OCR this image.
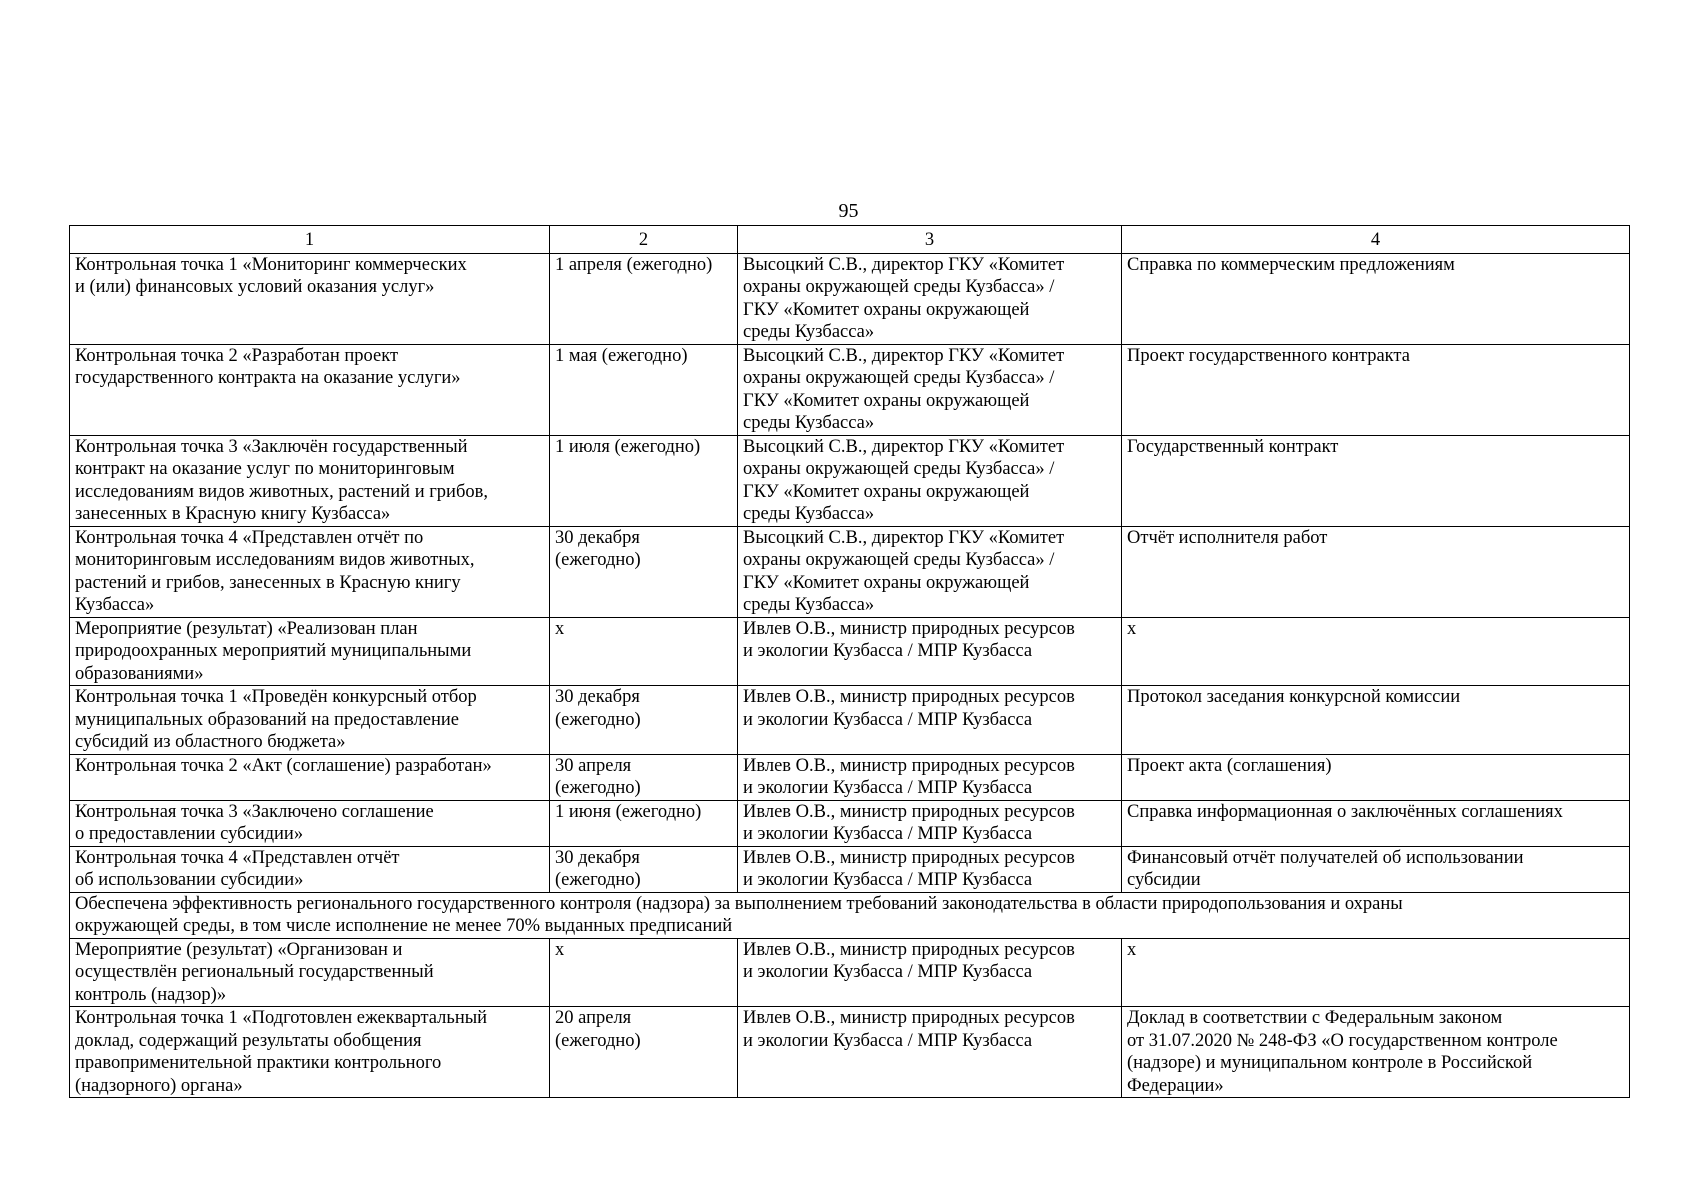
95
1	2	3	4
Контрольная точка 1 «Мониторинг коммерческих
и (или) финансовых условий оказания услуг»	1 апреля (ежегодно)	Высоцкий С.В., директор ГКУ «Комитет
охраны окружающей среды Кузбасса» /
ГКУ «Комитет охраны окружающей
среды Кузбасса»	Справка по коммерческим предложениям
Контрольная точка 2 «Разработан проект
государственного контракта на оказание услуги»	1 мая (ежегодно)	Высоцкий С.В., директор ГКУ «Комитет
охраны окружающей среды Кузбасса» /
ГКУ «Комитет охраны окружающей
среды Кузбасса»	Проект государственного контракта
Контрольная точка 3 «Заключён государственный
контракт на оказание услуг по мониторинговым
исследованиям видов животных, растений и грибов,
занесенных в Красную книгу Кузбасса»	1 июля (ежегодно)	Высоцкий С.В., директор ГКУ «Комитет
охраны окружающей среды Кузбасса» /
ГКУ «Комитет охраны окружающей
среды Кузбасса»	Государственный контракт
Контрольная точка 4 «Представлен отчёт по
мониторинговым исследованиям видов животных,
растений и грибов, занесенных в Красную книгу
Кузбасса»	30 декабря
(ежегодно)	Высоцкий С.В., директор ГКУ «Комитет
охраны окружающей среды Кузбасса» /
ГКУ «Комитет охраны окружающей
среды Кузбасса»	Отчёт исполнителя работ
Мероприятие (результат) «Реализован план
природоохранных мероприятий муниципальными
образованиями»	х	Ивлев О.В., министр природных ресурсов
и экологии Кузбасса / МПР Кузбасса	х
Контрольная точка 1 «Проведён конкурсный отбор
муниципальных образований на предоставление
субсидий из областного бюджета»	30 декабря
(ежегодно)	Ивлев О.В., министр природных ресурсов
и экологии Кузбасса / МПР Кузбасса	Протокол заседания конкурсной комиссии
Контрольная точка 2 «Акт (соглашение) разработан»	30 апреля
(ежегодно)	Ивлев О.В., министр природных ресурсов
и экологии Кузбасса / МПР Кузбасса	Проект акта (соглашения)
Контрольная точка 3 «Заключено соглашение
о предоставлении субсидии»	1 июня (ежегодно)	Ивлев О.В., министр природных ресурсов
и экологии Кузбасса / МПР Кузбасса	Справка информационная о заключённых соглашениях
Контрольная точка 4 «Представлен отчёт
об использовании субсидии»	30 декабря
(ежегодно)	Ивлев О.В., министр природных ресурсов
и экологии Кузбасса / МПР Кузбасса	Финансовый отчёт получателей об использовании
субсидии
Обеспечена эффективность регионального государственного контроля (надзора) за выполнением требований законодательства в области природопользования и охраны
окружающей среды, в том числе исполнение не менее 70% выданных предписаний			
Мероприятие (результат) «Организован и
осуществлён региональный государственный
контроль (надзор)»	х	Ивлев О.В., министр природных ресурсов
и экологии Кузбасса / МПР Кузбасса	х
Контрольная точка 1 «Подготовлен ежеквартальный
доклад, содержащий результаты обобщения
правоприменительной практики контрольного
(надзорного) органа»	20 апреля
(ежегодно)	Ивлев О.В., министр природных ресурсов
и экологии Кузбасса / МПР Кузбасса	Доклад в соответствии с Федеральным законом
от 31.07.2020 № 248-ФЗ «О государственном контроле
(надзоре) и муниципальном контроле в Российской
Федерации»
